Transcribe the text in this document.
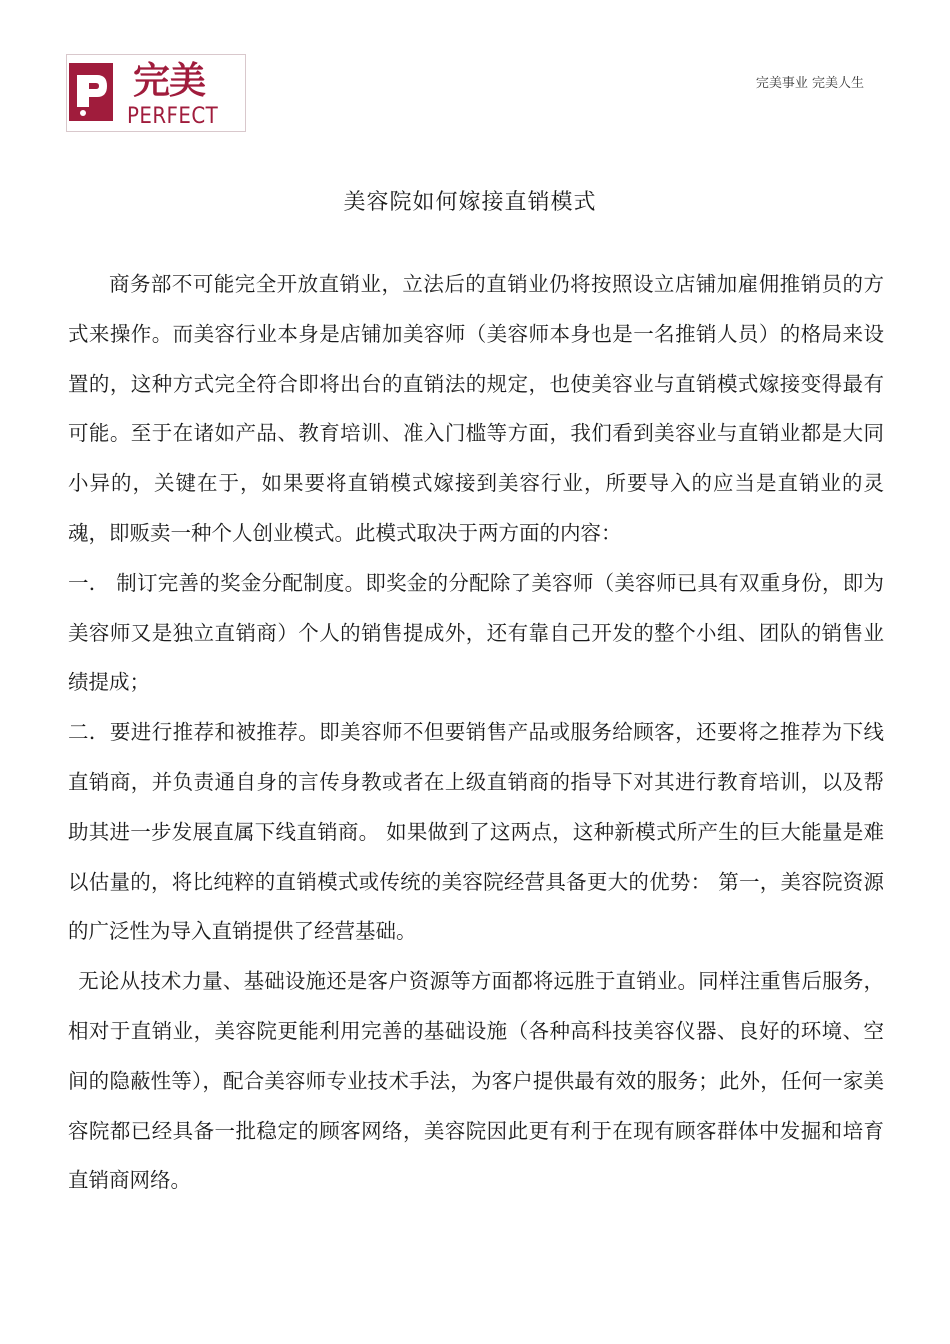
完美
PERFECT
完美事业 完美人生
美容院如何嫁接直销模式

商务部不可能完全开放直销业，立法后的直销业仍将按照设立店铺加雇佣推销员的方式来操作。而美容行业本身是店铺加美容师（美容师本身也是一名推销人员）的格局来设置的，这种方式完全符合即将出台的直销法的规定，也使美容业与直销模式嫁接变得最有可能。至于在诸如产品、教育培训、准入门槛等方面，我们看到美容业与直销业都是大同小异的，关键在于，如果要将直销模式嫁接到美容行业，所要导入的应当是直销业的灵魂，即贩卖一种个人创业模式。此模式取决于两方面的内容：

一． 制订完善的奖金分配制度。即奖金的分配除了美容师（美容师已具有双重身份，即为美容师又是独立直销商）个人的销售提成外，还有靠自己开发的整个小组、团队的销售业绩提成；

二．要进行推荐和被推荐。即美容师不但要销售产品或服务给顾客，还要将之推荐为下线直销商，并负责通自身的言传身教或者在上级直销商的指导下对其进行教育培训，以及帮助其进一步发展直属下线直销商。 如果做到了这两点，这种新模式所产生的巨大能量是难以估量的，将比纯粹的直销模式或传统的美容院经营具备更大的优势： 第一，美容院资源的广泛性为导入直销提供了经营基础。

无论从技术力量、基础设施还是客户资源等方面都将远胜于直销业。同样注重售后服务，相对于直销业，美容院更能利用完善的基础设施（各种高科技美容仪器、良好的环境、空间的隐蔽性等），配合美容师专业技术手法，为客户提供最有效的服务；此外，任何一家美容院都已经具备一批稳定的顾客网络，美容院因此更有利于在现有顾客群体中发掘和培育直销商网络。
